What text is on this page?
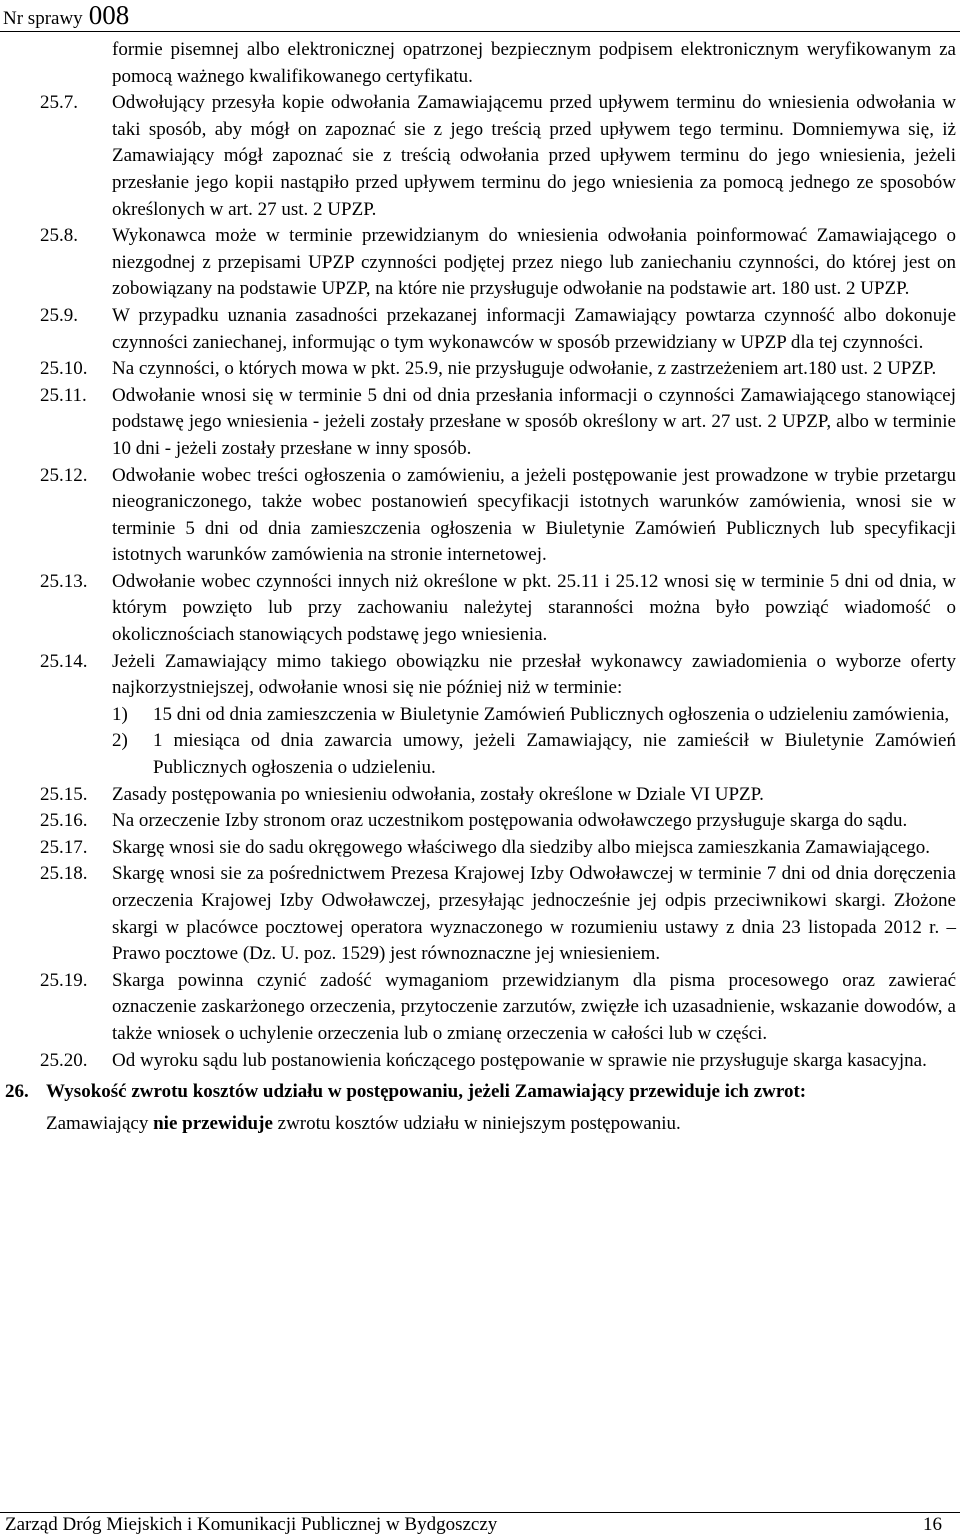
Nr sprawy 008
formie pisemnej albo elektronicznej opatrzonej bezpiecznym podpisem elektronicznym weryfikowanym za pomocą ważnego kwalifikowanego certyfikatu.
25.7. Odwołujący przesyła kopie odwołania Zamawiającemu przed upływem terminu do wniesienia odwołania w taki sposób, aby mógł on zapoznać sie z jego treścią przed upływem tego terminu. Domniemywa się, iż Zamawiający mógł zapoznać sie z treścią odwołania przed upływem terminu do jego wniesienia, jeżeli przesłanie jego kopii nastąpiło przed upływem terminu do jego wniesienia za pomocą jednego ze sposobów określonych w art. 27 ust. 2 UPZP.
25.8. Wykonawca może w terminie przewidzianym do wniesienia odwołania poinformować Zamawiającego o niezgodnej z przepisami UPZP czynności podjętej przez niego lub zaniechaniu czynności, do której jest on zobowiązany na podstawie UPZP, na które nie przysługuje odwołanie na podstawie art. 180 ust. 2 UPZP.
25.9. W przypadku uznania zasadności przekazanej informacji Zamawiający powtarza czynność albo dokonuje czynności zaniechanej, informując o tym wykonawców w sposób przewidziany w UPZP dla tej czynności.
25.10. Na czynności, o których mowa w pkt. 25.9, nie przysługuje odwołanie, z zastrzeżeniem art.180 ust. 2 UPZP.
25.11. Odwołanie wnosi się w terminie 5 dni od dnia przesłania informacji o czynności Zamawiającego stanowiącej podstawę jego wniesienia - jeżeli zostały przesłane w sposób określony w art. 27 ust. 2 UPZP, albo w terminie 10 dni - jeżeli zostały przesłane w inny sposób.
25.12. Odwołanie wobec treści ogłoszenia o zamówieniu, a jeżeli postępowanie jest prowadzone w trybie przetargu nieograniczonego, także wobec postanowień specyfikacji istotnych warunków zamówienia, wnosi sie w terminie 5 dni od dnia zamieszczenia ogłoszenia w Biuletynie Zamówień Publicznych lub specyfikacji istotnych warunków zamówienia na stronie internetowej.
25.13. Odwołanie wobec czynności innych niż określone w pkt. 25.11 i 25.12 wnosi się w terminie 5 dni od dnia, w którym powzięto lub przy zachowaniu należytej staranności można było powziąć wiadomość o okolicznościach stanowiących podstawę jego wniesienia.
25.14. Jeżeli Zamawiający mimo takiego obowiązku nie przesłał wykonawcy zawiadomienia o wyborze oferty najkorzystniejszej, odwołanie wnosi się nie później niż w terminie:
1) 15 dni od dnia zamieszczenia w Biuletynie Zamówień Publicznych ogłoszenia o udzieleniu zamówienia,
2) 1 miesiąca od dnia zawarcia umowy, jeżeli Zamawiający, nie zamieścił w Biuletynie Zamówień Publicznych ogłoszenia o udzieleniu.
25.15. Zasady postępowania po wniesieniu odwołania, zostały określone w Dziale VI UPZP.
25.16. Na orzeczenie Izby stronom oraz uczestnikom postępowania odwoławczego przysługuje skarga do sądu.
25.17. Skargę wnosi sie do sadu okręgowego właściwego dla siedziby albo miejsca zamieszkania Zamawiającego.
25.18. Skargę wnosi sie za pośrednictwem Prezesa Krajowej Izby Odwoławczej w terminie 7 dni od dnia doręczenia orzeczenia Krajowej Izby Odwoławczej, przesyłając jednocześnie jej odpis przeciwnikowi skargi. Złożone skargi w placówce pocztowej operatora wyznaczonego w rozumieniu ustawy z dnia 23 listopada 2012 r. – Prawo pocztowe (Dz. U. poz. 1529) jest równoznaczne jej wniesieniem.
25.19. Skarga powinna czynić zadość wymaganiom przewidzianym dla pisma procesowego oraz zawierać oznaczenie zaskarżonego orzeczenia, przytoczenie zarzutów, zwięzłe ich uzasadnienie, wskazanie dowodów, a także wniosek o uchylenie orzeczenia lub o zmianę orzeczenia w całości lub w części.
25.20. Od wyroku sądu lub postanowienia kończącego postępowanie w sprawie nie przysługuje skarga kasacyjna.
26. Wysokość zwrotu kosztów udziału w postępowaniu, jeżeli Zamawiający przewiduje ich zwrot:
Zamawiający nie przewiduje zwrotu kosztów udziału w niniejszym postępowaniu.
Zarząd Dróg Miejskich i Komunikacji Publicznej w Bydgoszczy	16
